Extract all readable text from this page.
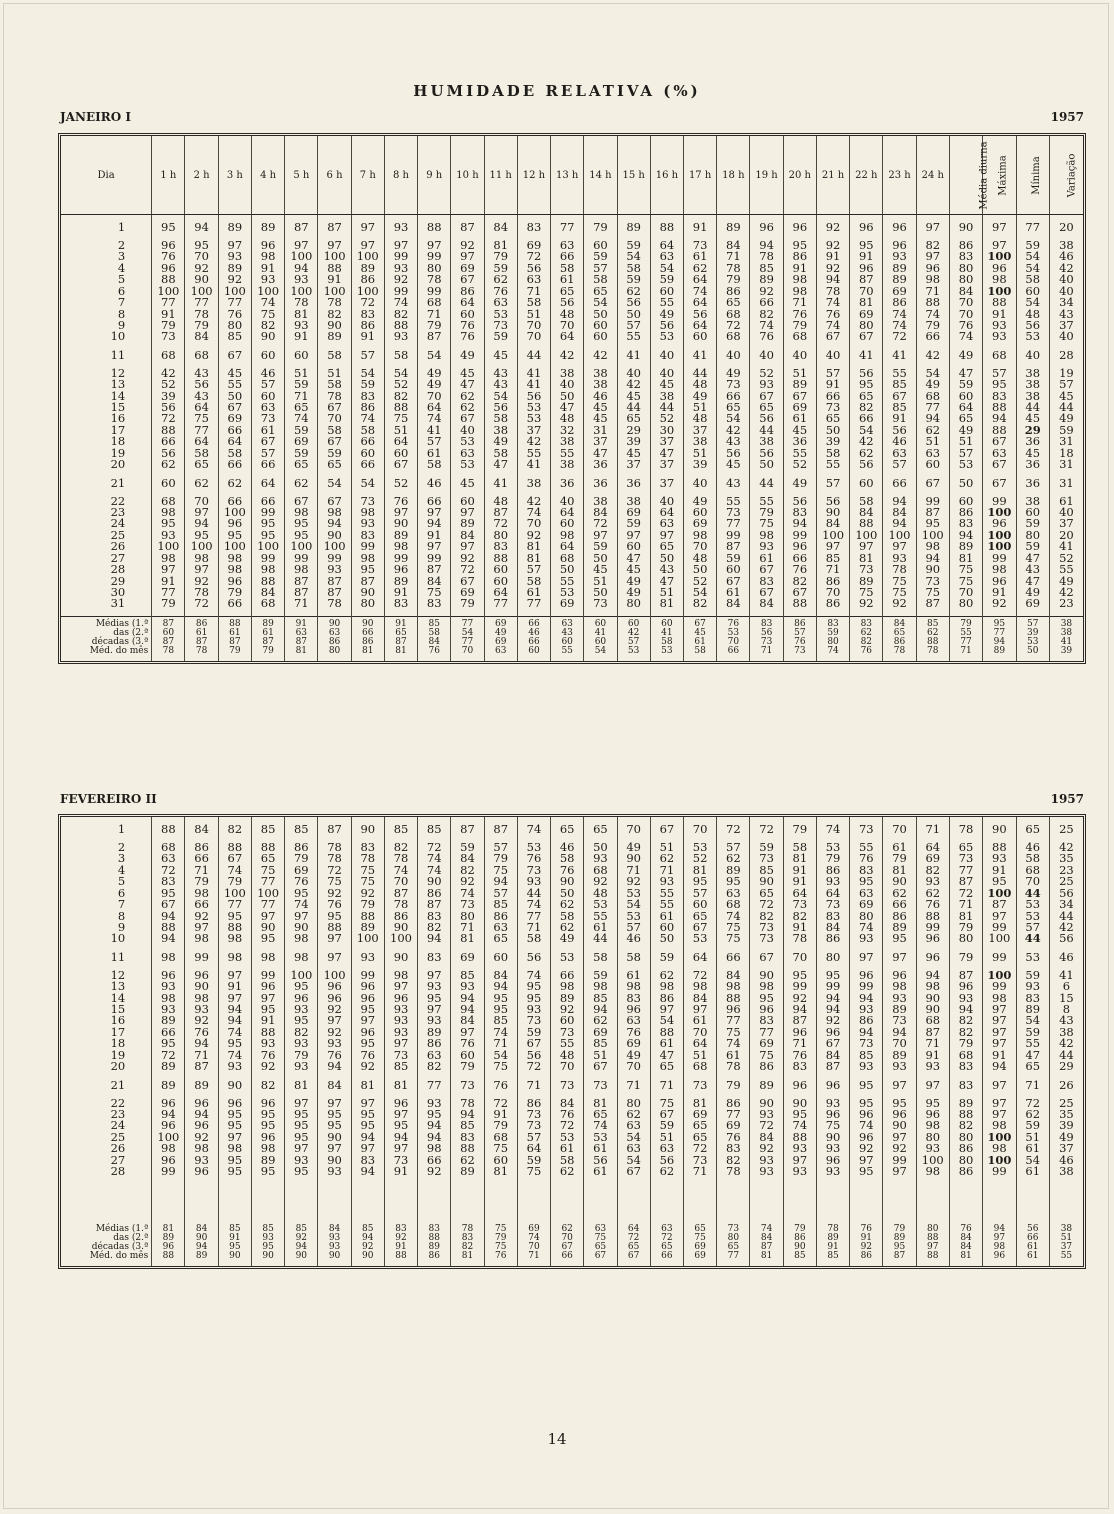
HUMIDADE RELATIVA (%)
JANEIRO I	1957
Dia	1 h	2 h	3 h	4 h	5 h	6 h	7 h	8 h	9 h	10 h	11 h	12 h	13 h	14 h	15 h	16 h	17 h	18 h	19 h	20 h	21 h	22 h	23 h	24 h	Média diurna	Máxima	Mínima	Variação
1	95	94	89	89	87	87	97	93	88	87	84	83	77	79	89	88	91	89	96	96	92	96	96	97	90	97	77	20
2	96	95	97	96	97	97	97	97	97	92	81	69	63	60	59	64	73	84	94	95	92	95	96	82	86	97	59	38
3	76	70	93	98	100	100	100	99	99	97	79	72	66	59	54	63	61	71	78	86	91	91	93	97	83	100	54	46
4	96	92	89	91	94	88	89	93	80	69	59	56	58	57	58	54	62	78	85	91	92	96	89	96	80	96	54	42
5	88	90	92	93	93	91	86	92	78	67	62	63	61	58	59	59	64	79	89	98	94	87	89	98	80	98	58	40
6	100	100	100	100	100	100	100	99	99	86	76	71	65	65	62	60	74	86	92	98	78	70	69	71	84	100	60	40
7	77	77	77	74	78	78	72	74	68	64	63	58	56	54	56	55	64	65	66	71	74	81	86	88	70	88	54	34
8	91	78	76	75	81	82	83	82	71	60	53	51	48	50	50	49	56	68	82	76	76	69	74	74	70	91	48	43
9	79	79	80	82	93	90	86	88	79	76	73	70	70	60	57	56	64	72	74	79	74	80	74	79	76	93	56	37
10	73	84	85	90	91	89	91	93	87	76	59	70	64	60	55	53	60	68	76	68	67	67	72	66	74	93	53	40
11	68	68	67	60	60	58	57	58	54	49	45	44	42	42	41	40	41	40	40	40	40	41	41	42	49	68	40	28
12	42	43	45	46	51	51	54	54	49	45	43	41	38	38	40	40	44	49	52	51	57	56	55	54	47	57	38	19
13	52	56	55	57	59	58	59	52	49	47	43	41	40	38	42	45	48	73	93	89	91	95	85	49	59	95	38	57
14	39	43	50	60	71	78	83	82	70	62	54	56	50	46	45	38	49	66	67	67	66	65	67	68	60	83	38	45
15	56	64	67	63	65	67	86	88	64	62	56	53	47	45	44	44	51	65	65	69	73	82	85	77	64	88	44	44
16	72	75	69	73	74	70	74	75	74	67	58	53	48	45	65	52	48	54	56	61	65	66	91	94	65	94	45	49
17	88	77	66	61	59	58	58	51	41	40	38	37	32	31	29	30	37	42	44	45	50	54	56	62	49	88	29	59
18	66	64	64	67	69	67	66	64	57	53	49	42	38	37	39	37	38	43	38	36	39	42	46	51	51	67	36	31
19	56	58	58	57	59	59	60	60	61	63	58	55	55	47	45	47	51	56	56	55	58	62	63	63	57	63	45	18
20	62	65	66	66	65	65	66	67	58	53	47	41	38	36	37	37	39	45	50	52	55	56	57	60	53	67	36	31
21	60	62	62	64	62	54	54	52	46	45	41	38	36	36	36	37	40	43	44	49	57	60	66	67	50	67	36	31
22	68	70	66	66	67	67	73	76	66	60	48	42	40	38	38	40	49	55	55	56	56	58	94	99	60	99	38	61
23	98	97	100	99	98	98	98	97	97	97	87	74	64	84	69	64	60	73	79	83	90	84	84	87	86	100	60	40
24	95	94	96	95	95	94	93	90	94	89	72	70	60	72	59	63	69	77	75	94	84	88	94	95	83	96	59	37
25	93	95	95	95	95	90	83	89	91	84	80	92	98	97	97	97	98	99	98	99	100	100	100	100	94	100	80	20
26	100	100	100	100	100	100	99	98	97	97	83	81	64	59	60	65	70	87	93	96	97	97	97	98	89	100	59	41
27	98	98	98	99	99	99	98	99	99	92	88	81	68	50	47	50	48	59	61	66	85	81	93	94	81	99	47	52
28	97	97	98	98	98	93	95	96	87	72	60	57	50	45	45	43	50	60	67	76	71	73	78	90	75	98	43	55
29	91	92	96	88	87	87	87	89	84	67	60	58	55	51	49	47	52	67	83	82	86	89	75	73	75	96	47	49
30	77	78	79	84	87	87	90	91	75	69	64	61	53	50	49	51	54	61	67	67	70	75	75	75	70	91	49	42
31	79	72	66	68	71	78	80	83	83	79	77	77	69	73	80	81	82	84	84	88	86	92	92	87	80	92	69	23
Médias (1.ª	87	86	88	89	91	90	90	91	85	77	69	66	63	60	60	60	67	76	83	86	83	83	84	85	79	95	57	38
das (2.ª	60	61	61	61	63	63	66	65	58	54	49	46	43	41	42	41	45	53	56	57	59	62	65	62	55	77	39	38
décadas (3.ª	87	87	87	87	87	86	86	87	84	77	69	66	60	60	57	58	61	70	73	76	80	82	86	88	77	94	53	41
Méd. do mês	78	78	79	79	81	80	81	81	76	70	63	60	55	54	53	53	58	66	71	73	74	76	78	78	71	89	50	39
FEVEREIRO II	1957
1	88	84	82	85	85	87	90	85	85	87	87	74	65	65	70	67	70	72	72	79	74	73	70	71	78	90	65	25
2	68	86	88	88	86	78	83	82	72	59	57	53	46	50	49	51	53	57	59	58	53	55	61	64	65	88	46	42
3	63	66	67	65	79	78	78	78	74	84	79	76	58	93	90	62	52	62	73	81	79	76	79	69	73	93	58	35
4	72	71	74	75	69	72	75	74	74	82	75	73	76	68	71	71	81	89	85	91	86	83	81	82	77	91	68	23
5	83	79	79	77	76	75	75	70	90	92	94	93	90	92	92	93	95	95	90	91	93	95	90	93	87	95	70	25
6	95	98	100	100	95	92	92	87	86	74	57	44	50	48	53	55	57	63	65	64	64	63	62	62	72	100	44	56
7	67	66	77	77	74	76	79	78	87	73	85	74	62	53	54	55	60	68	72	73	73	69	66	76	71	87	53	34
8	94	92	95	97	97	95	88	86	83	80	86	77	58	55	53	61	65	74	82	82	83	80	86	88	81	97	53	44
9	88	97	88	90	90	88	89	90	82	71	63	71	62	61	57	60	67	75	73	91	84	74	89	99	79	99	57	42
10	94	98	98	95	98	97	100	100	94	81	65	58	49	44	46	50	53	75	73	78	86	93	95	96	80	100	44	56
11	98	99	98	98	98	97	93	90	83	69	60	56	53	58	58	59	64	66	67	70	80	97	97	96	79	99	53	46
12	96	96	97	99	100	100	99	98	97	85	84	74	66	59	61	62	72	84	90	95	95	96	96	94	87	100	59	41
13	93	90	91	96	95	96	96	97	93	93	94	95	98	98	98	98	98	98	98	99	99	99	98	98	96	99	93	6
14	98	98	97	97	96	96	96	96	95	94	95	95	89	85	83	86	84	88	95	92	94	94	93	90	93	98	83	15
15	93	93	94	95	93	92	95	93	97	94	95	93	92	94	96	97	97	96	96	94	94	93	89	90	94	97	89	8
16	89	92	94	91	95	97	97	93	93	84	85	73	60	62	63	54	61	77	83	87	92	86	73	68	82	97	54	43
17	66	76	74	88	82	92	96	93	89	97	74	59	73	69	76	88	70	75	77	96	96	94	94	87	82	97	59	38
18	95	94	95	93	93	93	95	97	86	76	71	67	55	85	69	61	64	74	69	71	67	73	70	71	79	97	55	42
19	72	71	74	76	79	76	76	73	63	60	54	56	48	51	49	47	51	61	75	76	84	85	89	91	68	91	47	44
20	89	87	93	92	93	94	92	85	82	79	75	72	70	67	70	65	68	78	86	83	87	93	93	93	83	94	65	29
21	89	89	90	82	81	84	81	81	77	73	76	71	73	73	71	71	73	79	89	96	96	95	97	97	83	97	71	26
22	96	96	96	96	97	97	97	96	93	78	72	86	84	81	80	75	81	86	90	90	93	95	95	95	89	97	72	25
23	94	94	95	95	95	95	95	97	95	94	91	73	76	65	62	67	69	77	93	95	96	96	96	96	88	97	62	35
24	96	96	95	95	95	95	95	95	94	85	79	73	72	74	63	59	65	69	72	74	75	74	90	98	82	98	59	39
25	100	92	97	96	95	90	94	94	94	83	68	57	53	53	54	51	65	76	84	88	90	96	97	80	80	100	51	49
26	98	98	98	98	97	97	97	97	98	88	75	64	61	61	63	63	72	83	92	93	93	92	92	93	86	98	61	37
27	96	93	95	89	93	90	83	73	66	62	60	59	58	56	54	56	73	82	93	97	96	97	99	100	80	100	54	46
28	99	96	95	95	95	93	94	91	92	89	81	75	62	61	67	62	71	78	93	93	93	95	97	98	86	99	61	38

Médias (1.ª	81	84	85	85	85	84	85	83	83	78	75	69	62	63	64	63	65	73	74	79	78	76	79	80	76	94	56	38
das (2.ª	89	90	91	93	92	93	94	92	88	83	79	74	70	75	72	72	75	80	84	86	89	91	89	88	84	97	66	51
décadas (3.ª	96	94	95	95	94	93	92	91	89	82	75	70	67	65	65	65	69	65	87	90	91	92	95	97	84	98	61	37
Méd. do mês	88	89	90	90	90	90	90	88	86	81	76	71	66	67	67	66	69	77	81	85	85	86	87	88	81	96	61	55
14
